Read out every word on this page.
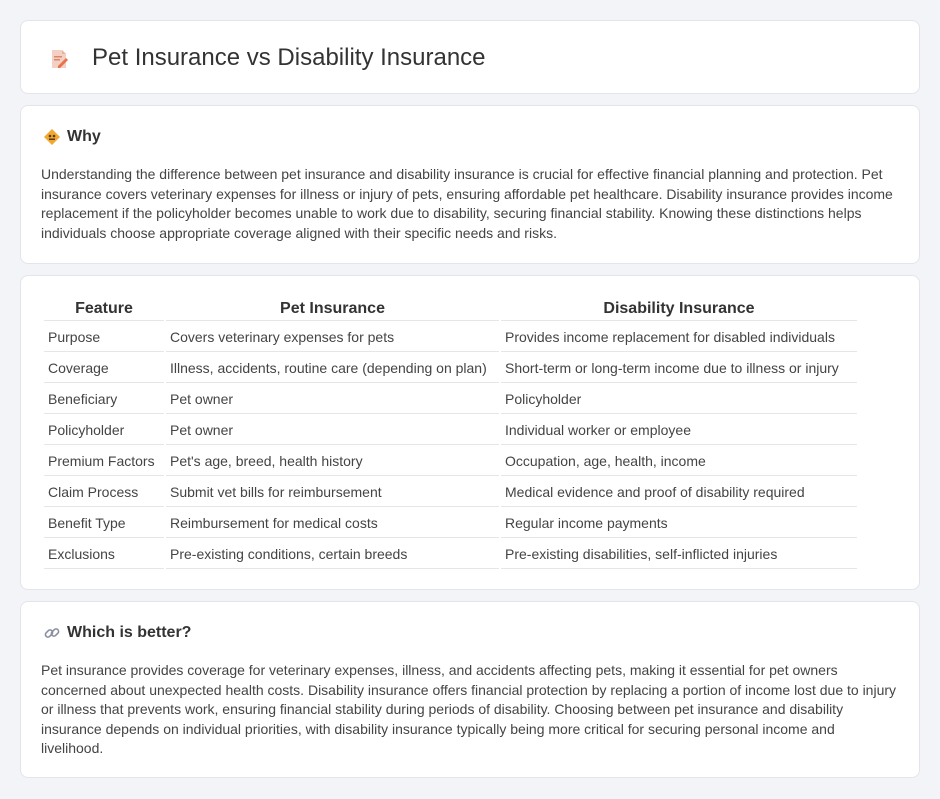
Pet Insurance vs Disability Insurance
Why

Understanding the difference between pet insurance and disability insurance is crucial for effective financial planning and protection. Pet insurance covers veterinary expenses for illness or injury of pets, ensuring affordable pet healthcare. Disability insurance provides income replacement if the policyholder becomes unable to work due to disability, securing financial stability. Knowing these distinctions helps individuals choose appropriate coverage aligned with their specific needs and risks.

Feature	Pet Insurance	Disability Insurance
Purpose	Covers veterinary expenses for pets	Provides income replacement for disabled individuals
Coverage	Illness, accidents, routine care (depending on plan)	Short-term or long-term income due to illness or injury
Beneficiary	Pet owner	Policyholder
Policyholder	Pet owner	Individual worker or employee
Premium Factors	Pet's age, breed, health history	Occupation, age, health, income
Claim Process	Submit vet bills for reimbursement	Medical evidence and proof of disability required
Benefit Type	Reimbursement for medical costs	Regular income payments
Exclusions	Pre-existing conditions, certain breeds	Pre-existing disabilities, self-inflicted injuries
Which is better?

Pet insurance provides coverage for veterinary expenses, illness, and accidents affecting pets, making it essential for pet owners concerned about unexpected health costs. Disability insurance offers financial protection by replacing a portion of income lost due to injury or illness that prevents work, ensuring financial stability during periods of disability. Choosing between pet insurance and disability insurance depends on individual priorities, with disability insurance typically being more critical for securing personal income and livelihood.
